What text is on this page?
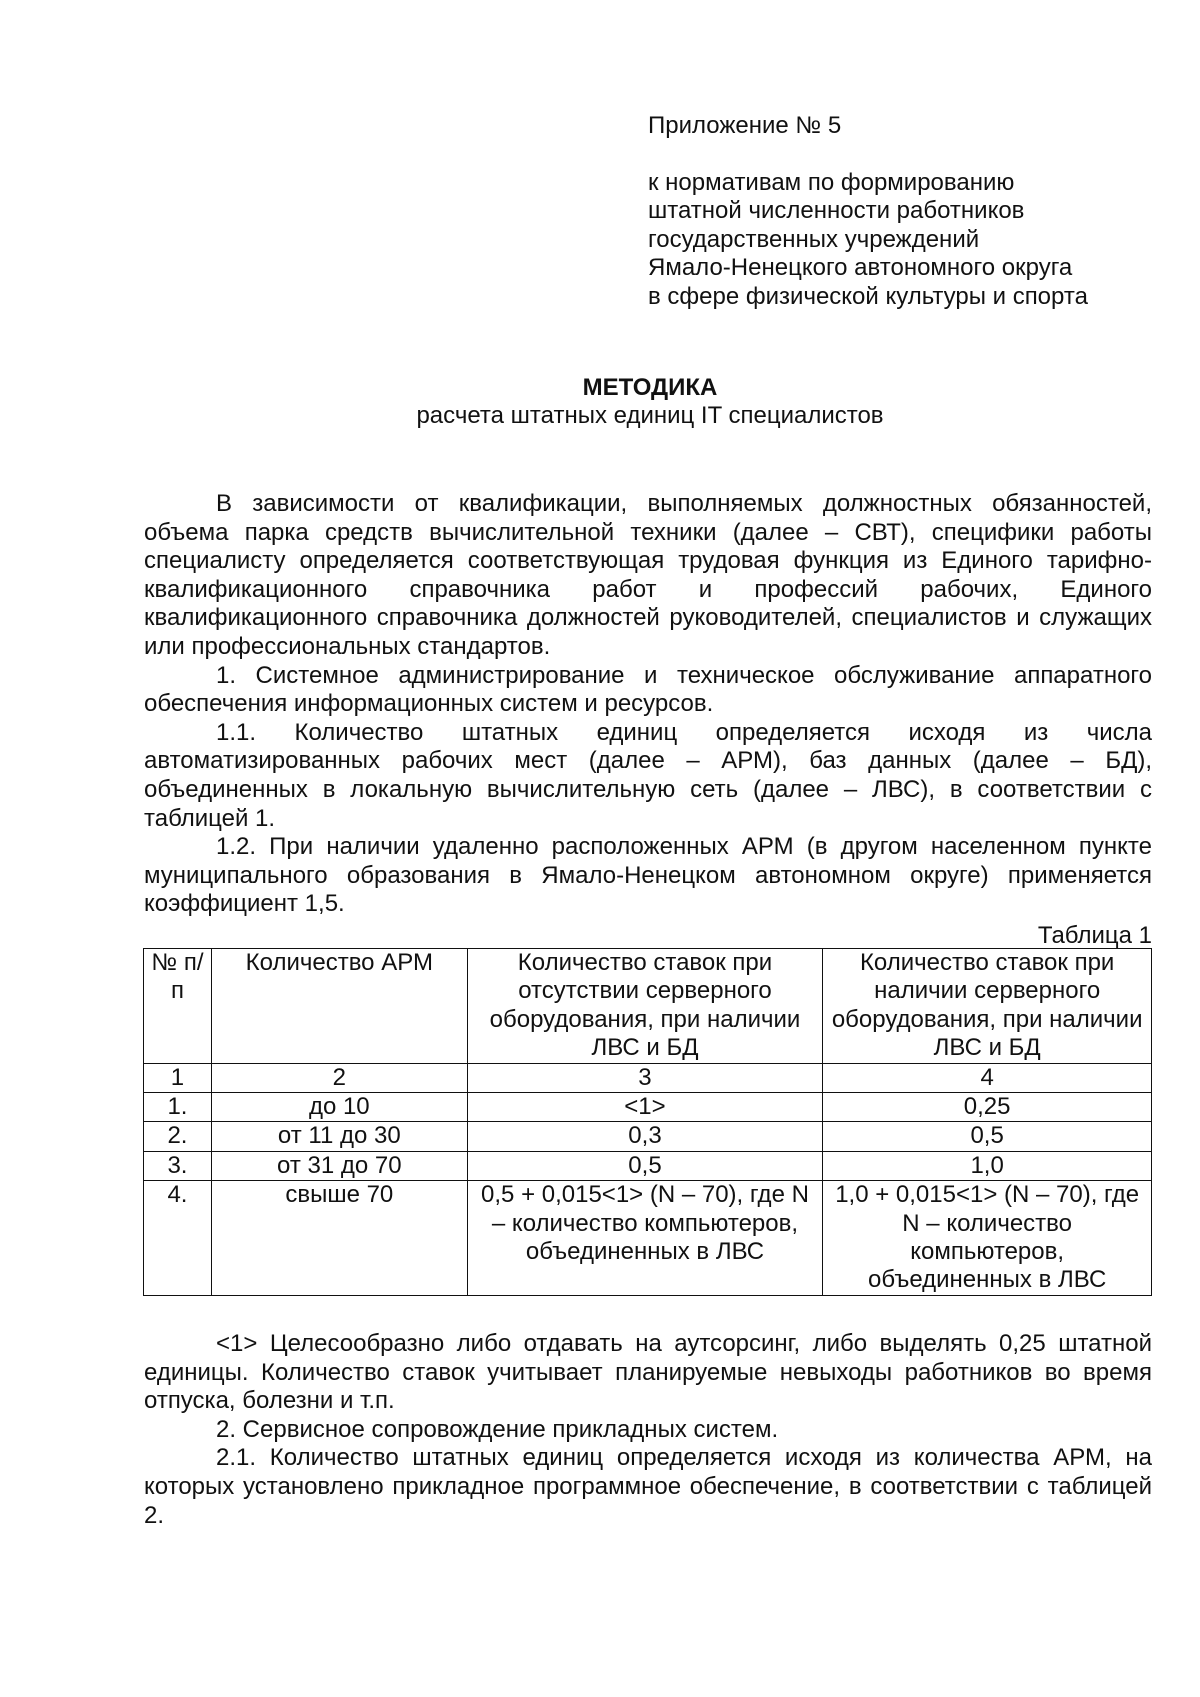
Приложение № 5
к нормативам по формированию
штатной численности работников
государственных учреждений
Ямало-Ненецкого автономного округа
в сфере физической культуры и спорта
МЕТОДИКА
расчета штатных единиц IT специалистов

В зависимости от квалификации, выполняемых должностных обязанностей, объема парка средств вычислительной техники (далее – СВТ), специфики работы специалисту определяется соответствующая трудовая функция из Единого тарифно-квалификационного справочника работ и профессий рабочих, Единого квалификационного справочника должностей руководителей, специалистов и служащих или профессиональных стандартов.

1. Системное администрирование и техническое обслуживание аппаратного обеспечения информационных систем и ресурсов.

1.1. Количество штатных единиц определяется исходя из числа автоматизированных рабочих мест (далее – АРМ), баз данных (далее – БД), объединенных в локальную вычислительную сеть (далее – ЛВС), в соответствии с таблицей 1.

1.2. При наличии удаленно расположенных АРМ (в другом населенном пункте муниципального образования в Ямало-Ненецком автономном округе) применяется коэффициент 1,5.

Таблица 1
№ п/п	Количество АРМ	Количество ставок при отсутствии серверного оборудования, при наличии ЛВС и БД	Количество ставок при наличии серверного оборудования, при наличии ЛВС и БД
1	2	3	4
1.	до 10	<1>	0,25
2.	от 11 до 30	0,3	0,5
3.	от 31 до 70	0,5	1,0
4.	свыше 70	0,5 + 0,015<1> (N – 70), где N – количество компьютеров, объединенных в ЛВС	1,0 + 0,015<1> (N – 70), где N – количество компьютеров, объединенных в ЛВС

<1> Целесообразно либо отдавать на аутсорсинг, либо выделять 0,25 штатной единицы. Количество ставок учитывает планируемые невыходы работников во время отпуска, болезни и т.п.

2. Сервисное сопровождение прикладных систем.

2.1. Количество штатных единиц определяется исходя из количества АРМ, на которых установлено прикладное программное обеспечение, в соответствии с таблицей 2.
